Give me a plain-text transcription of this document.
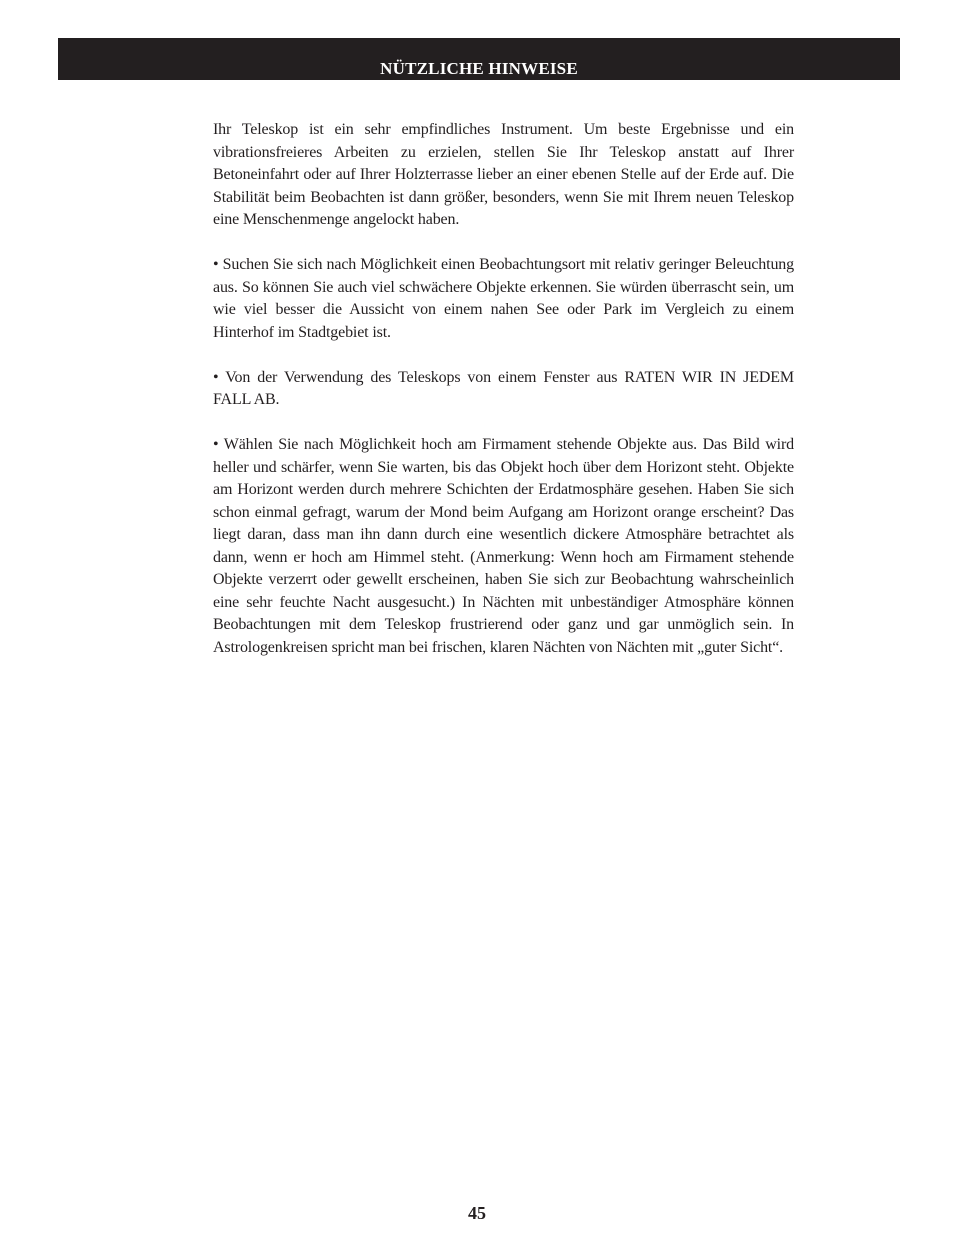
NÜTZLICHE HINWEISE

Ihr Teleskop ist ein sehr empfindliches Instrument. Um beste Ergebnisse und ein vibrationsfreieres Arbeiten zu erzielen, stellen Sie Ihr Teleskop anstatt auf Ihrer Betoneinfahrt oder auf Ihrer Holzterrasse lieber an einer ebenen Stelle auf der Erde auf. Die Stabilität beim Beobachten ist dann größer, besonders, wenn Sie mit Ihrem neuen Teleskop eine Menschenmenge angelockt haben.

• Suchen Sie sich nach Möglichkeit einen Beobachtungsort mit relativ geringer Beleuchtung aus. So können Sie auch viel schwächere Objekte erkennen. Sie würden überrascht sein, um wie viel besser die Aussicht von einem nahen See oder Park im Vergleich zu einem Hinterhof im Stadtgebiet ist.

• Von der Verwendung des Teleskops von einem Fenster aus RATEN WIR IN JEDEM FALL AB.

• Wählen Sie nach Möglichkeit hoch am Firmament stehende Objekte aus. Das Bild wird heller und schärfer, wenn Sie warten, bis das Objekt hoch über dem Horizont steht. Objekte am Horizont werden durch mehrere Schichten der Erdatmosphäre gesehen. Haben Sie sich schon einmal gefragt, warum der Mond beim Aufgang am Horizont orange erscheint? Das liegt daran, dass man ihn dann durch eine wesentlich dickere Atmosphäre betrachtet als dann, wenn er hoch am Himmel steht. (Anmerkung: Wenn hoch am Firmament stehende Objekte verzerrt oder gewellt erscheinen, haben Sie sich zur Beobachtung wahrscheinlich eine sehr feuchte Nacht ausgesucht.) In Nächten mit unbeständiger Atmosphäre können Beobachtungen mit dem Teleskop frustrierend oder ganz und gar unmöglich sein. In Astrologenkreisen spricht man bei frischen, klaren Nächten von Nächten mit „guter Sicht“.

45
